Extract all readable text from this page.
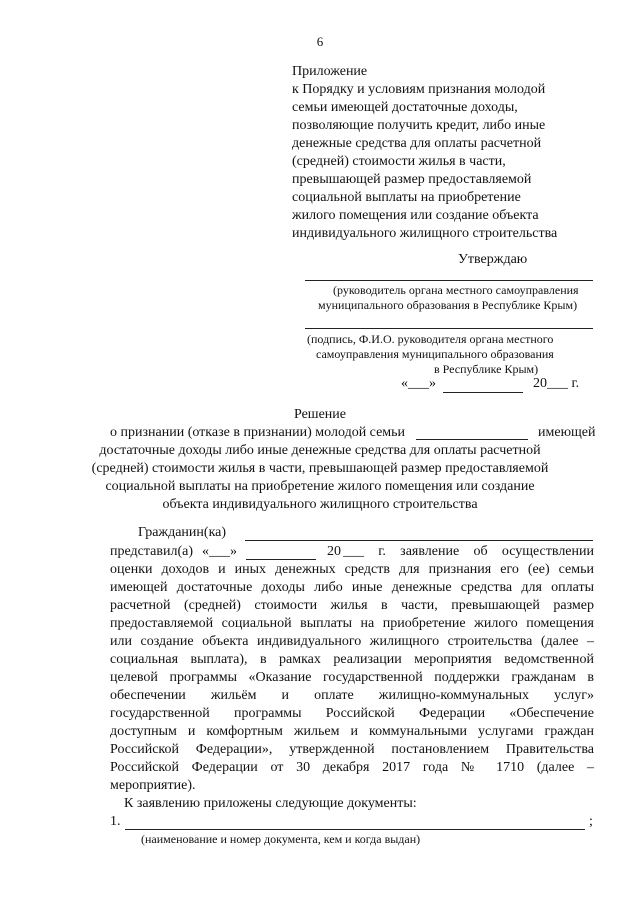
6
Приложение
к Порядку и условиям признания молодой
семьи имеющей достаточные доходы,
позволяющие получить кредит, либо иные
денежные средства для оплаты расчетной
(средней) стоимости жилья в части,
превышающей размер предоставляемой
социальной выплаты на приобретение
жилого помещения или создание объекта
индивидуального жилищного строительства
Утверждаю
(руководитель органа местного самоуправления
муниципального образования в Республике Крым)
(подпись, Ф.И.О. руководителя органа местного
самоуправления муниципального образования
в Республике Крым)
«___»	20___ г.
Решение
о признании (отказе в признании) молодой семьи	имеющей
достаточные доходы либо иные денежные средства для оплаты расчетной
(средней) стоимости жилья в части, превышающей размер предоставляемой
социальной выплаты на приобретение жилого помещения или создание
объекта индивидуального жилищного строительства
Гражданин(ка)
представил(а) «___»	20 ___ г. заявление об осуществлении
оценки доходов и иных денежных средств для признания его (ее) семьи
имеющей достаточные доходы либо иные денежные средства для оплаты
расчетной (средней) стоимости жилья в части, превышающей размер
предоставляемой социальной выплаты на приобретение жилого помещения
или создание объекта индивидуального жилищного строительства (далее –
социальная выплата), в рамках реализации мероприятия ведомственной
целевой программы «Оказание государственной поддержки гражданам в
обеспечении жильём и оплате жилищно-коммунальных услуг»
государственной программы Российской Федерации «Обеспечение
доступным и комфортным жильем и коммунальными услугами граждан
Российской Федерации», утвержденной постановлением Правительства
Российской Федерации от 30 декабря 2017 года № 1710 (далее –
мероприятие).
К заявлению приложены следующие документы:
1.	;
(наименование и номер документа, кем и когда выдан)
